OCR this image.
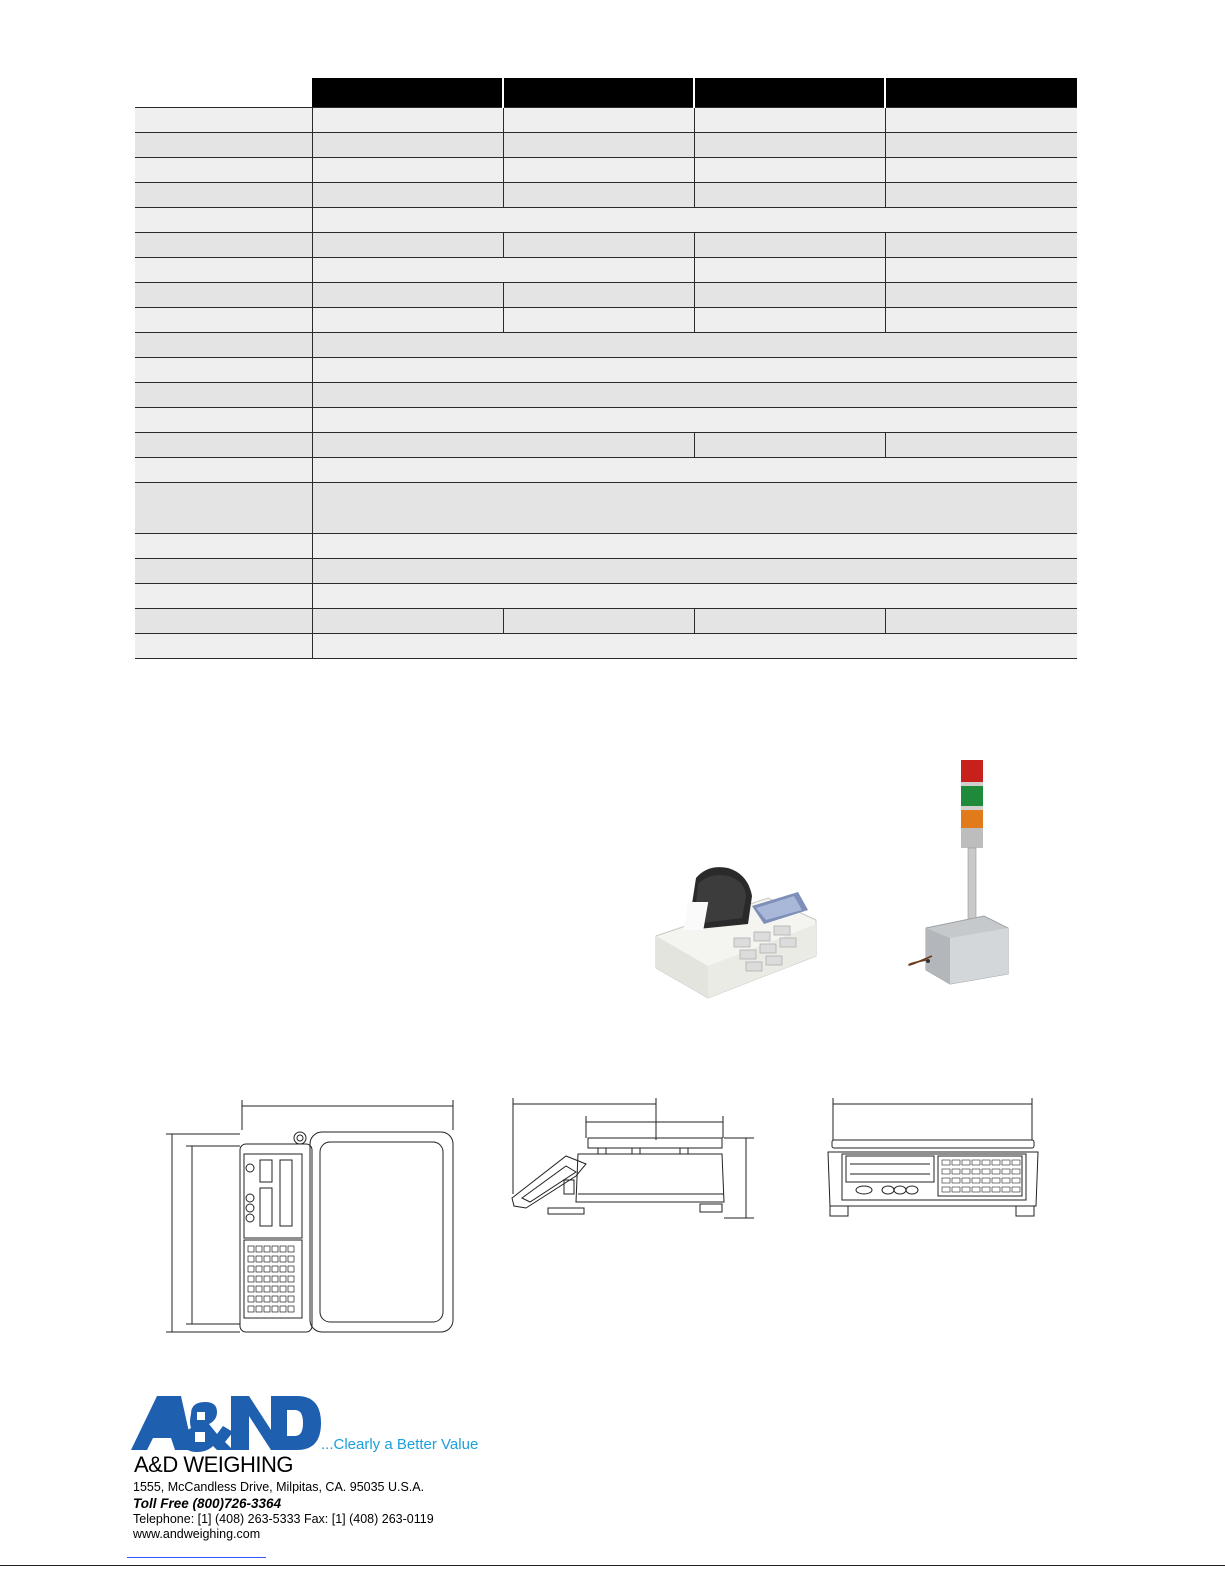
...Clearly a Better Value
A&D WEIGHING
1555, McCandless Drive, Milpitas, CA. 95035 U.S.A.
Toll Free (800)726-3364
Telephone: [1] (408) 263-5333 Fax: [1] (408) 263-0119
www.andweighing.com
